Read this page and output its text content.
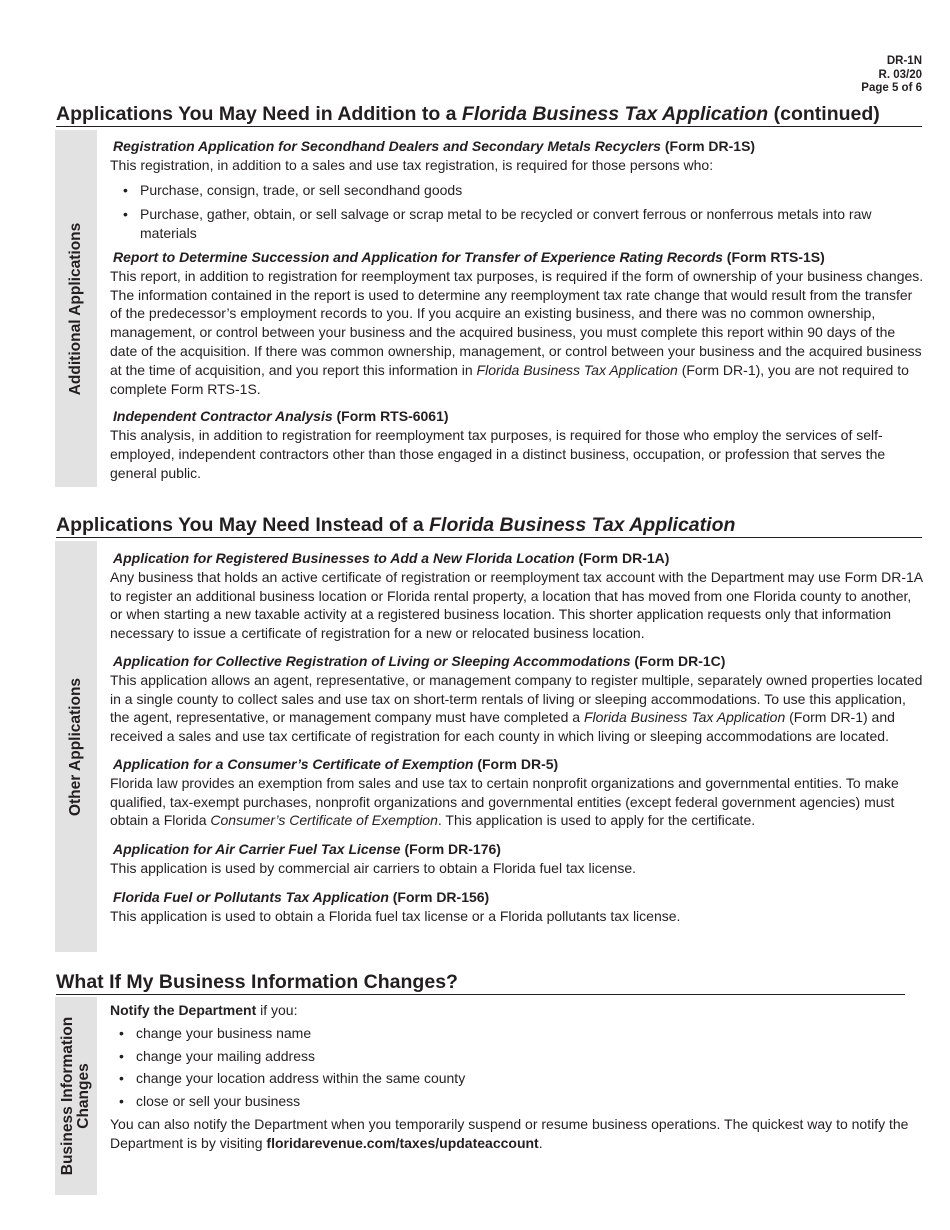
DR-1N
R. 03/20
Page 5 of 6
Applications You May Need in Addition to a Florida Business Tax Application (continued)
Additional Applications

Registration Application for Secondhand Dealers and Secondary Metals Recyclers (Form DR-1S)

This registration, in addition to a sales and use tax registration, is required for those persons who:

• Purchase, consign, trade, or sell secondhand goods
• Purchase, gather, obtain, or sell salvage or scrap metal to be recycled or convert ferrous or nonferrous metals into raw materials

Report to Determine Succession and Application for Transfer of Experience Rating Records (Form RTS-1S)

This report, in addition to registration for reemployment tax purposes, is required if the form of ownership of your business changes. The information contained in the report is used to determine any reemployment tax rate change that would result from the transfer of the predecessor’s employment records to you. If you acquire an existing business, and there was no common ownership, management, or control between your business and the acquired business, you must complete this report within 90 days of the date of the acquisition. If there was common ownership, management, or control between your business and the acquired business at the time of acquisition, and you report this information in Florida Business Tax Application (Form DR-1), you are not required to complete Form RTS-1S.

Independent Contractor Analysis (Form RTS-6061)

This analysis, in addition to registration for reemployment tax purposes, is required for those who employ the services of self-employed, independent contractors other than those engaged in a distinct business, occupation, or profession that serves the general public.

Applications You May Need Instead of a Florida Business Tax Application
Other Applications

Application for Registered Businesses to Add a New Florida Location (Form DR-1A)

Any business that holds an active certificate of registration or reemployment tax account with the Department may use Form DR-1A to register an additional business location or Florida rental property, a location that has moved from one Florida county to another, or when starting a new taxable activity at a registered business location. This shorter application requests only that information necessary to issue a certificate of registration for a new or relocated business location.

Application for Collective Registration of Living or Sleeping Accommodations (Form DR-1C)

This application allows an agent, representative, or management company to register multiple, separately owned properties located in a single county to collect sales and use tax on short-term rentals of living or sleeping accommodations. To use this application, the agent, representative, or management company must have completed a Florida Business Tax Application (Form DR-1) and received a sales and use tax certificate of registration for each county in which living or sleeping accommodations are located.

Application for a Consumer’s Certificate of Exemption (Form DR-5)

Florida law provides an exemption from sales and use tax to certain nonprofit organizations and governmental entities. To make qualified, tax-exempt purchases, nonprofit organizations and governmental entities (except federal government agencies) must obtain a Florida Consumer’s Certificate of Exemption. This application is used to apply for the certificate.

Application for Air Carrier Fuel Tax License (Form DR-176)

This application is used by commercial air carriers to obtain a Florida fuel tax license.

Florida Fuel or Pollutants Tax Application (Form DR-156)

This application is used to obtain a Florida fuel tax license or a Florida pollutants tax license.

What If My Business Information Changes?
Business Information Changes

Notify the Department if you:

• change your business name
• change your mailing address
• change your location address within the same county
• close or sell your business

You can also notify the Department when you temporarily suspend or resume business operations. The quickest way to notify the Department is by visiting floridarevenue.com/taxes/updateaccount.
